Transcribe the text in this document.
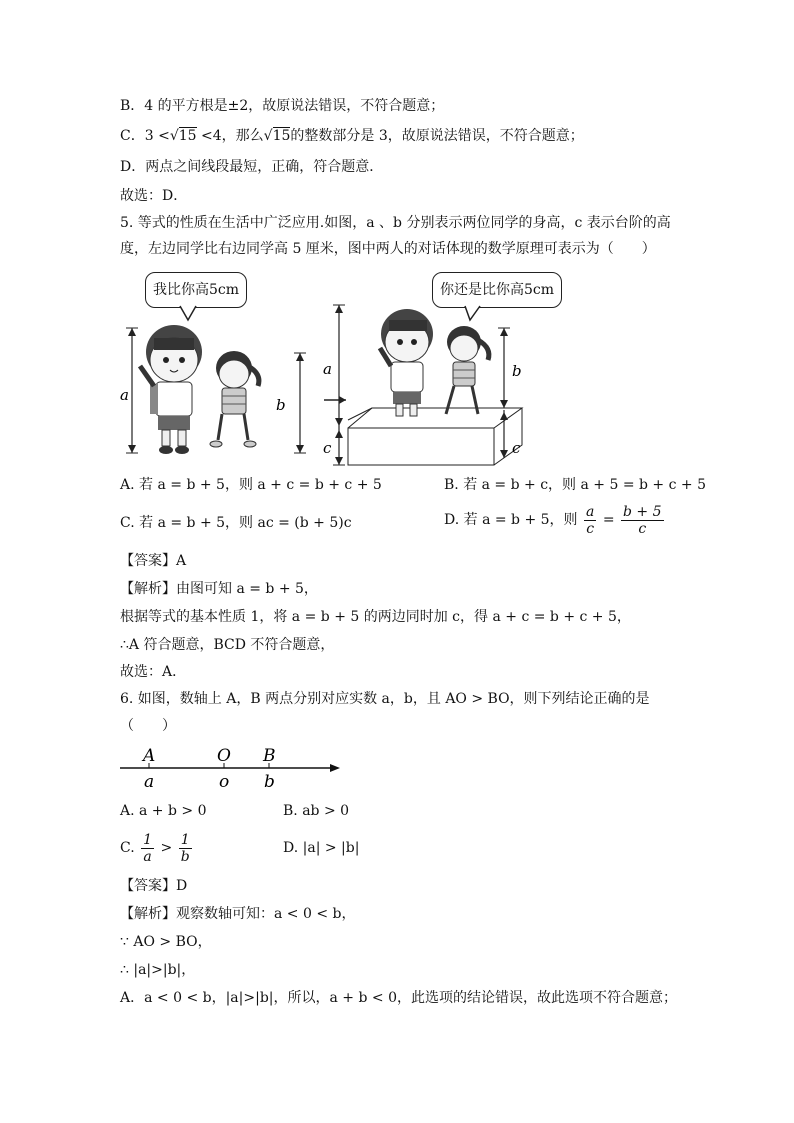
B．4 的平方根是±2，故原说法错误，不符合题意；
C．3 <√15 <4，那么√15的整数部分是 3，故原说法错误，不符合题意；
D．两点之间线段最短，正确，符合题意．
故选：D．
5. 等式的性质在生活中广泛应用.如图，a 、b 分别表示两位同学的身高，c 表示台阶的高
度，左边同学比右边同学高 5 厘米，图中两人的对话体现的数学原理可表示为（　　）
我比你高5cm	你还是比你高5cm
a
b
a
c
b
c
A. 若 a = b + 5，则 a + c = b + c + 5	B. 若 a = b + c，则 a + 5 = b + c + 5
C. 若 a = b + 5，则 ac = (b + 5)c	D. 若 a = b + 5，则 $\frac{a}{c} = \frac{b + 5}{c}$
【答案】A
【解析】由图可知 a = b + 5，
根据等式的基本性质 1，将 a = b + 5 的两边同时加 c，得 a + c = b + c + 5，
∴A 符合题意，BCD 不符合题意，
故选：A．
6. 如图，数轴上 A，B 两点分别对应实数 a，b，且 AO > BO，则下列结论正确的是
（　　）
A
a
O
o
B
b
A. a + b > 0	B. ab > 0
C. $\frac{1}{a} > \frac{1}{b}$	D. |a| > |b|
【答案】D
【解析】观察数轴可知：a < 0 < b，
∵ AO > BO，
∴ |a|>|b|，
A．a < 0 < b，|a|>|b|，所以，a + b < 0，此选项的结论错误，故此选项不符合题意；
